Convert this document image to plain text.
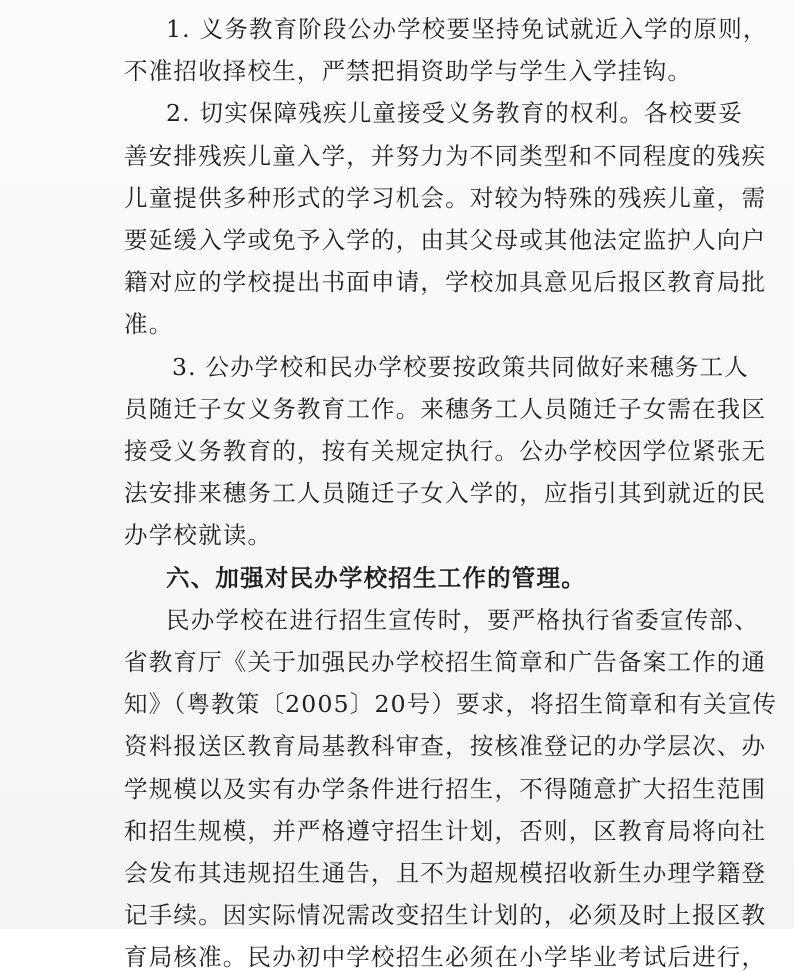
1. 义务教育阶段公办学校要坚持免试就近入学的原则，
不准招收择校生，严禁把捐资助学与学生入学挂钩。
2. 切实保障残疾儿童接受义务教育的权利。各校要妥
善安排残疾儿童入学，并努力为不同类型和不同程度的残疾
儿童提供多种形式的学习机会。对较为特殊的残疾儿童，需
要延缓入学或免予入学的，由其父母或其他法定监护人向户
籍对应的学校提出书面申请，学校加具意见后报区教育局批
准。
3. 公办学校和民办学校要按政策共同做好来穗务工人
员随迁子女义务教育工作。来穗务工人员随迁子女需在我区
接受义务教育的，按有关规定执行。公办学校因学位紧张无
法安排来穗务工人员随迁子女入学的，应指引其到就近的民
办学校就读。
六、加强对民办学校招生工作的管理。
民办学校在进行招生宣传时，要严格执行省委宣传部、
省教育厅《关于加强民办学校招生简章和广告备案工作的通
知》（粤教策〔2005〕20号）要求，将招生简章和有关宣传
资料报送区教育局基教科审查，按核准登记的办学层次、办
学规模以及实有办学条件进行招生，不得随意扩大招生范围
和招生规模，并严格遵守招生计划，否则，区教育局将向社
会发布其违规招生通告，且不为超规模招收新生办理学籍登
记手续。因实际情况需改变招生计划的，必须及时上报区教
育局核准。民办初中学校招生必须在小学毕业考试后进行，
